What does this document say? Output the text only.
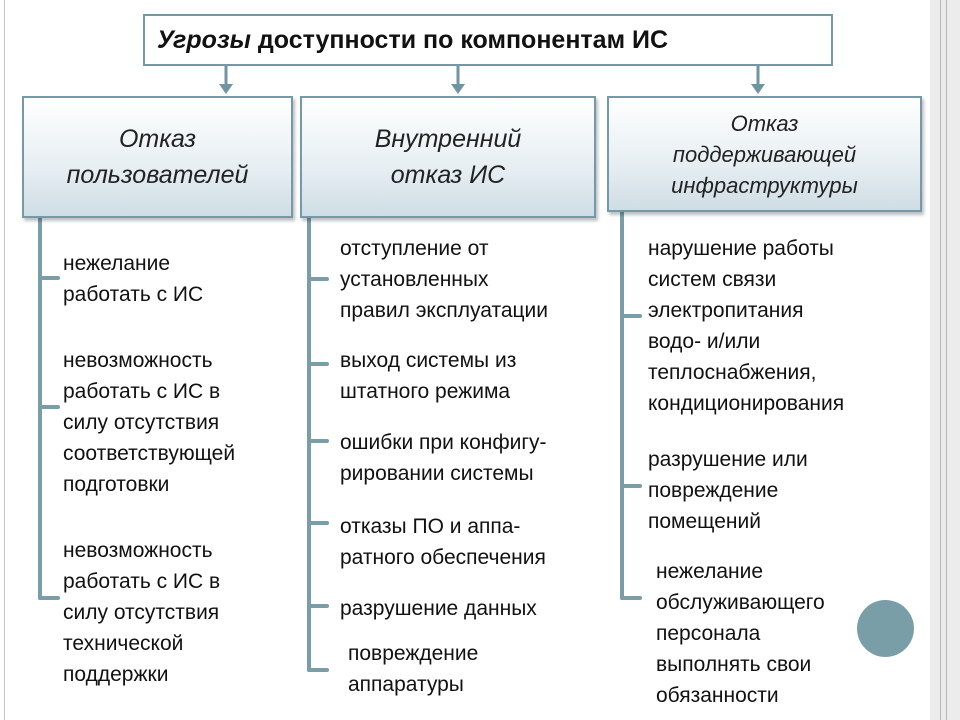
Угрозы доступности по компонентам ИС
Отказ
пользователей
Внутренний
отказ ИС
Отказ
поддерживающей
инфраструктуры
нежелание
работать с ИС
невозможность
работать с ИС в
силу отсутствия
соответствующей
подготовки
невозможность
работать с ИС в
силу отсутствия
технической
поддержки
отступление от
установленных
правил эксплуатации
выход системы из
штатного режима
ошибки при конфигу-
рировании системы
отказы ПО и аппа-
ратного обеспечения
разрушение данных
повреждение
аппаратуры
нарушение работы
систем связи
электропитания
водо- и/или
теплоснабжения,
кондиционирования
разрушение или
повреждение
помещений
нежелание
обслуживающего
персонала
выполнять свои
обязанности
